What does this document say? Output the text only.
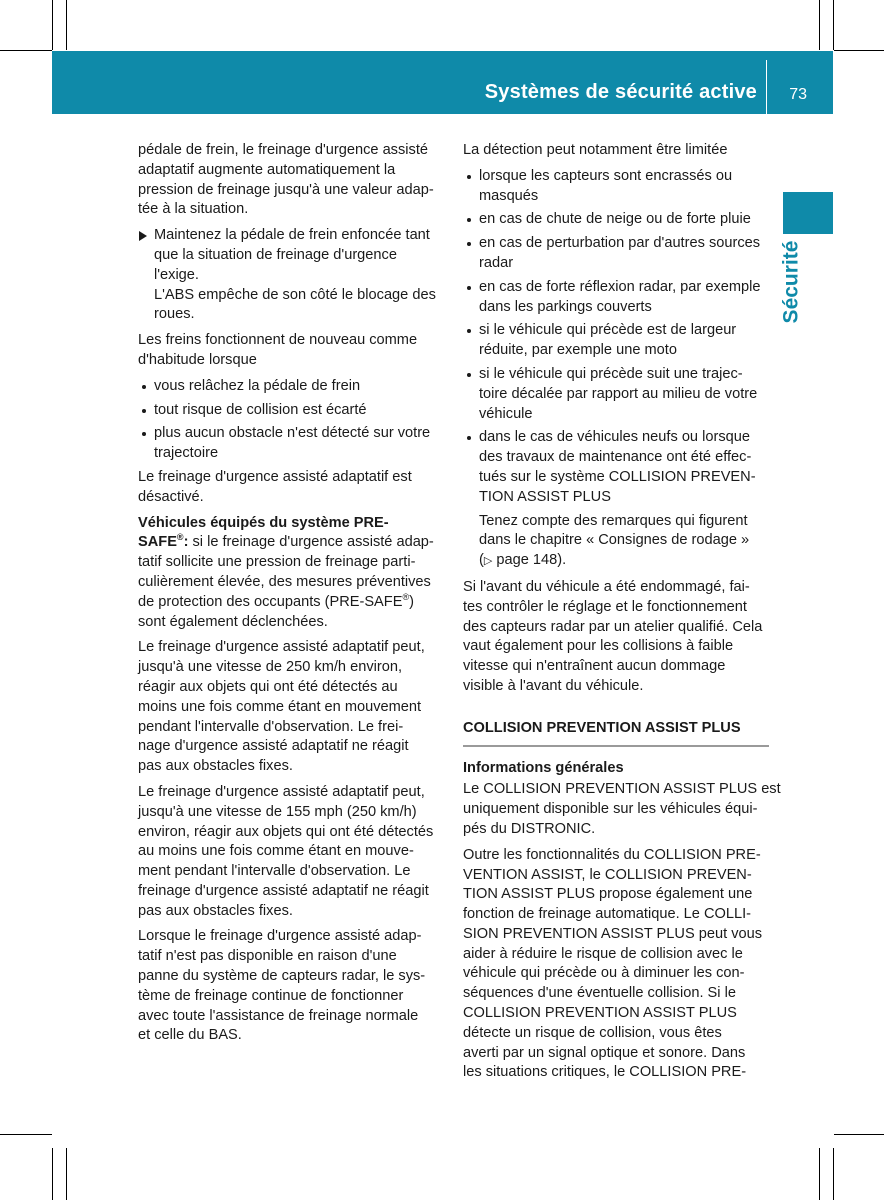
Systèmes de sécurité active 73
Sécurité

pédale de frein, le freinage d'urgence assisté
adaptatif augmente automatiquement la
pression de freinage jusqu'à une valeur adap-
tée à la situation.

Maintenez la pédale de frein enfoncée tant
que la situation de freinage d'urgence
l'exige.
L'ABS empêche de son côté le blocage des
roues.

Les freins fonctionnent de nouveau comme
d'habitude lorsque

vous relâchez la pédale de frein
tout risque de collision est écarté
plus aucun obstacle n'est détecté sur votre
trajectoire

Le freinage d'urgence assisté adaptatif est
désactivé.

Véhicules équipés du système PRE-
SAFE®: si le freinage d'urgence assisté adap-
tatif sollicite une pression de freinage parti-
culièrement élevée, des mesures préventives
de protection des occupants (PRE-SAFE®)
sont également déclenchées.

Le freinage d'urgence assisté adaptatif peut,
jusqu'à une vitesse de 250 km/h environ,
réagir aux objets qui ont été détectés au
moins une fois comme étant en mouvement
pendant l'intervalle d'observation. Le frei-
nage d'urgence assisté adaptatif ne réagit
pas aux obstacles fixes.

Le freinage d'urgence assisté adaptatif peut,
jusqu'à une vitesse de 155 mph (250 km/h)
environ, réagir aux objets qui ont été détectés
au moins une fois comme étant en mouve-
ment pendant l'intervalle d'observation. Le
freinage d'urgence assisté adaptatif ne réagit
pas aux obstacles fixes.

Lorsque le freinage d'urgence assisté adap-
tatif n'est pas disponible en raison d'une
panne du système de capteurs radar, le sys-
tème de freinage continue de fonctionner
avec toute l'assistance de freinage normale
et celle du BAS.

La détection peut notamment être limitée

lorsque les capteurs sont encrassés ou
masqués
en cas de chute de neige ou de forte pluie
en cas de perturbation par d'autres sources
radar
en cas de forte réflexion radar, par exemple
dans les parkings couverts
si le véhicule qui précède est de largeur
réduite, par exemple une moto
si le véhicule qui précède suit une trajec-
toire décalée par rapport au milieu de votre
véhicule
dans le cas de véhicules neufs ou lorsque
des travaux de maintenance ont été effec-
tués sur le système COLLISION PREVEN-
TION ASSIST PLUS
Tenez compte des remarques qui figurent
dans le chapitre « Consignes de rodage »
(▷ page 148).

Si l'avant du véhicule a été endommagé, fai-
tes contrôler le réglage et le fonctionnement
des capteurs radar par un atelier qualifié. Cela
vaut également pour les collisions à faible
vitesse qui n'entraînent aucun dommage
visible à l'avant du véhicule.

COLLISION PREVENTION ASSIST PLUS
Informations générales

Le COLLISION PREVENTION ASSIST PLUS est
uniquement disponible sur les véhicules équi-
pés du DISTRONIC.

Outre les fonctionnalités du COLLISION PRE-
VENTION ASSIST, le COLLISION PREVEN-
TION ASSIST PLUS propose également une
fonction de freinage automatique. Le COLLI-
SION PREVENTION ASSIST PLUS peut vous
aider à réduire le risque de collision avec le
véhicule qui précède ou à diminuer les con-
séquences d'une éventuelle collision. Si le
COLLISION PREVENTION ASSIST PLUS
détecte un risque de collision, vous êtes
averti par un signal optique et sonore. Dans
les situations critiques, le COLLISION PRE-
